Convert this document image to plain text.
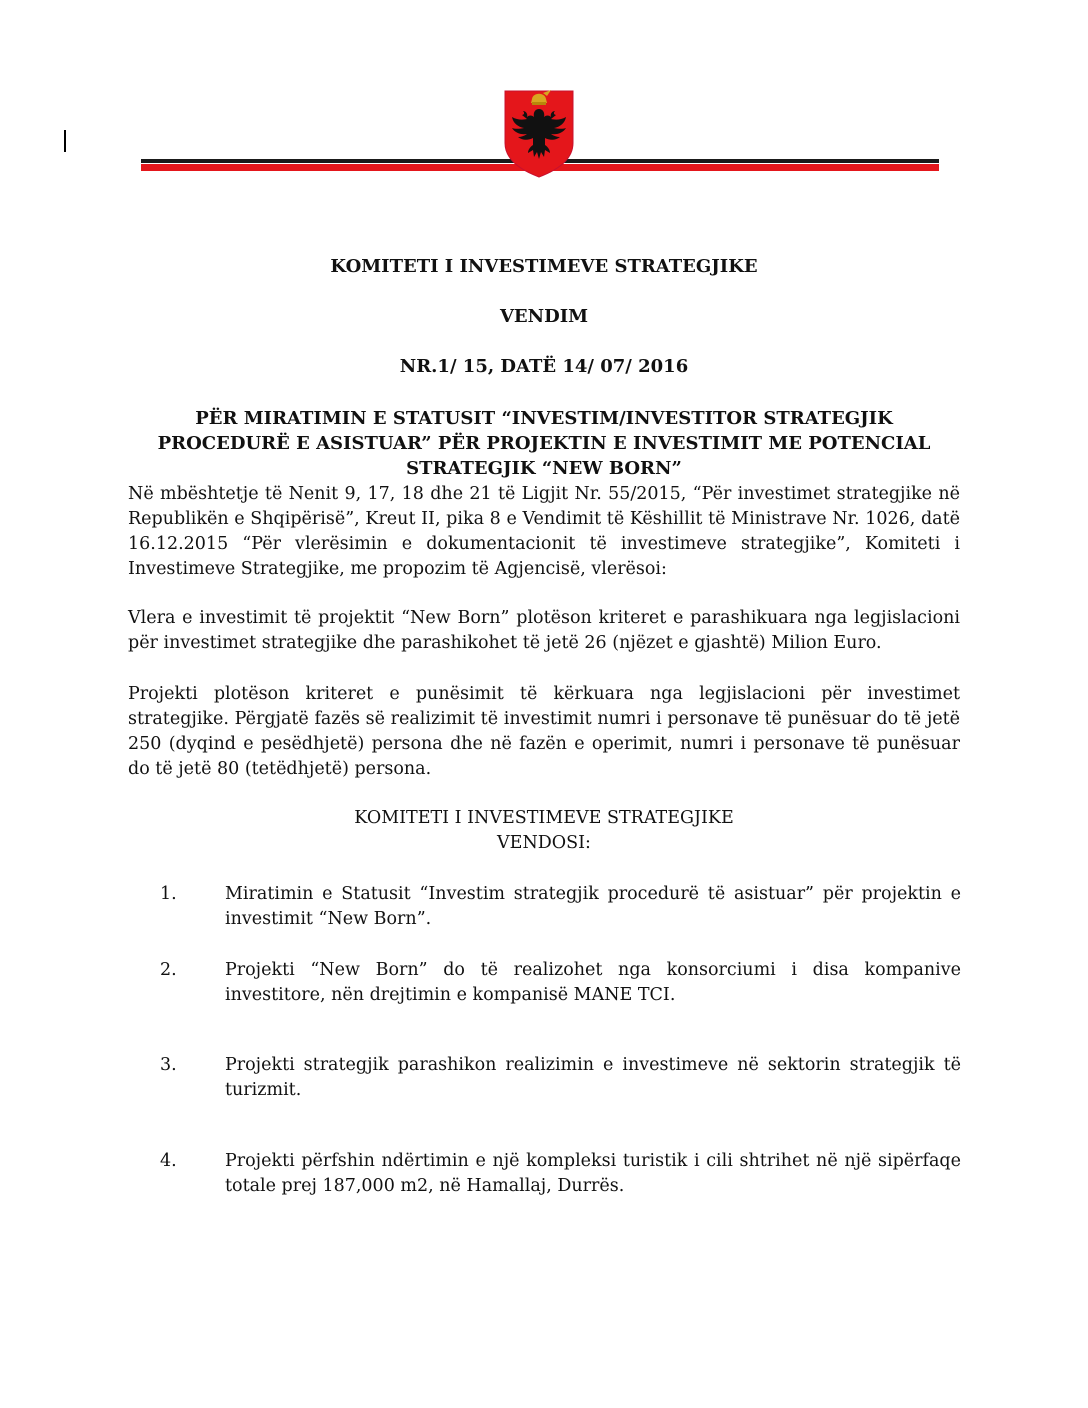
KOMITETI I INVESTIMEVE STRATEGJIKE
VENDIM
NR.1/ 15, DATË 14/ 07/ 2016
PËR MIRATIMIN E STATUSIT “INVESTIM/INVESTITOR STRATEGJIK PROCEDURË E ASISTUAR” PËR PROJEKTIN E INVESTIMIT ME POTENCIAL STRATEGJIK “NEW BORN”
Në mbështetje të Nenit 9, 17, 18 dhe 21 të Ligjit Nr. 55/2015, “Për investimet strategjike në Republikën e Shqipërisë”, Kreut II, pika 8 e Vendimit të Këshillit të Ministrave Nr. 1026, datë 16.12.2015 “Për vlerësimin e dokumentacionit të investimeve strategjike”, Komiteti i Investimeve Strategjike, me propozim të Agjencisë, vlerësoi:
Vlera e investimit të projektit “New Born” plotëson kriteret e parashikuara nga legjislacioni për investimet strategjike dhe parashikohet të jetë 26 (njëzet e gjashtë) Milion Euro.
Projekti plotëson kriteret e punësimit të kërkuara nga legjislacioni për investimet strategjike. Përgjatë fazës së realizimit të investimit numri i personave të punësuar do të jetë 250 (dyqind e pesëdhjetë) persona dhe në fazën e operimit, numri i personave të punësuar do të jetë 80 (tetëdhjetë) persona.
KOMITETI I INVESTIMEVE STRATEGJIKE
VENDOSI:
1.	Miratimin e Statusit “Investim strategjik procedurë të asistuar” për projektin e investimit “New Born”.
2.	Projekti “New Born” do të realizohet nga konsorciumi i disa kompanive investitore, nën drejtimin e kompanisë MANE TCI.
3.	Projekti strategjik parashikon realizimin e investimeve në sektorin strategjik të turizmit.
4.	Projekti përfshin ndërtimin e një kompleksi turistik i cili shtrihet në një sipërfaqe totale prej 187,000 m2, në Hamallaj, Durrës.
